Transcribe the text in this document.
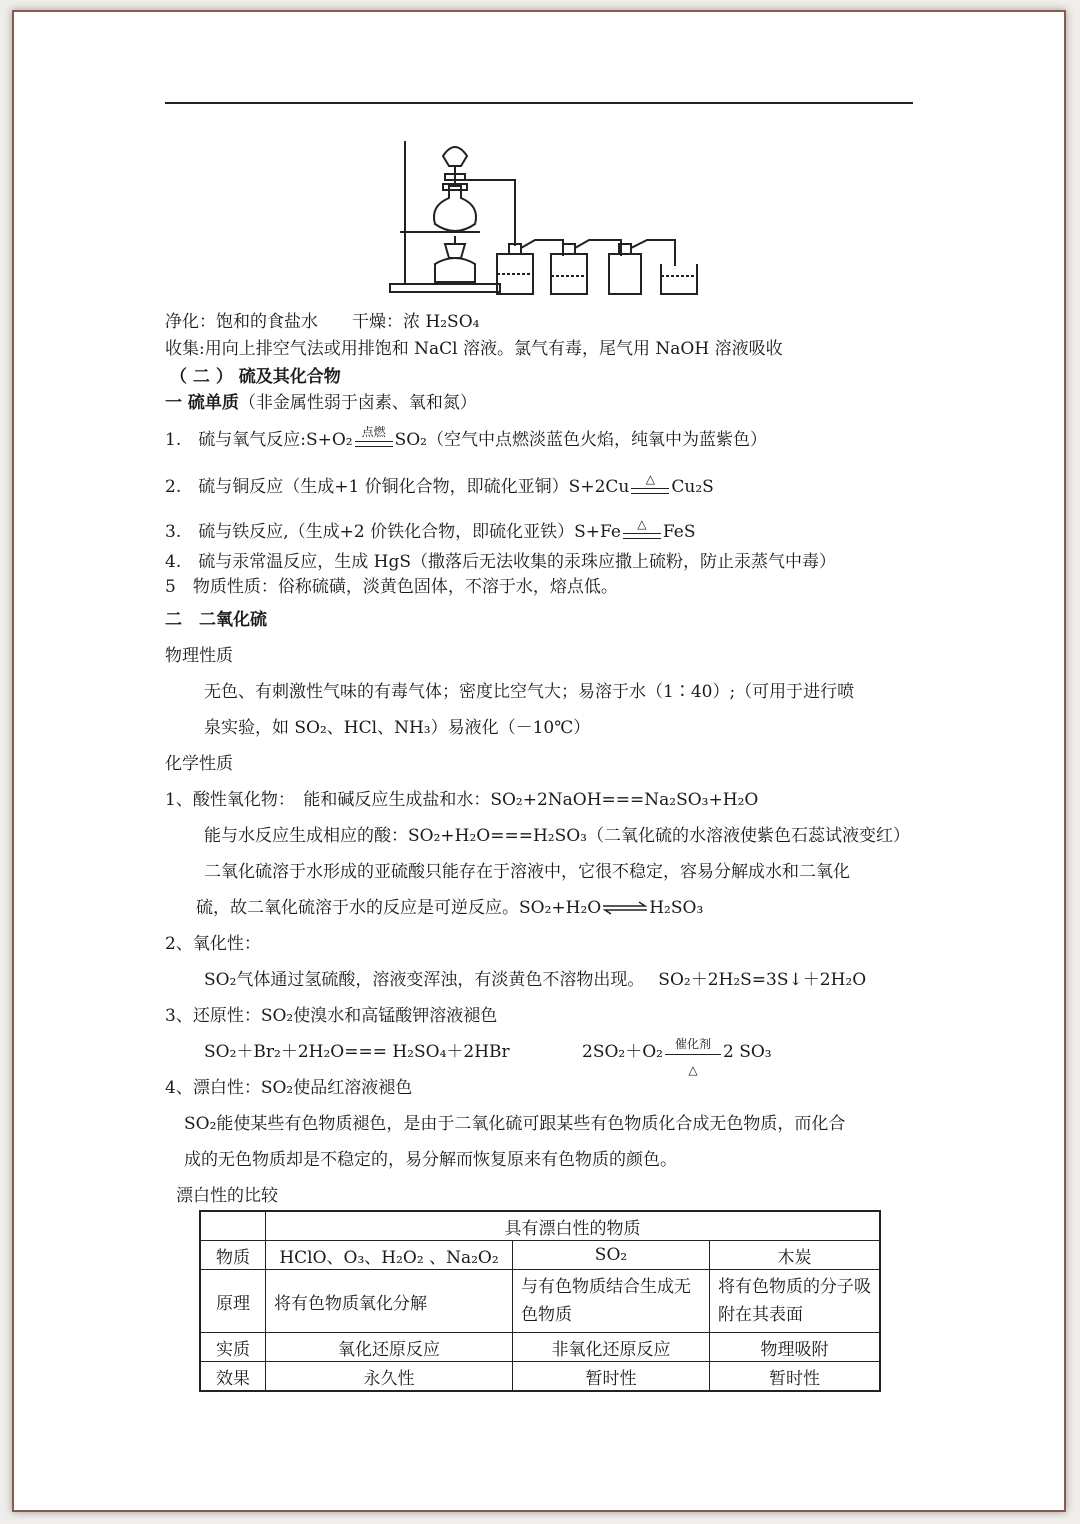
净化：饱和的食盐水　　干燥：浓 H₂SO₄
收集:用向上排空气法或用排饱和 NaCl 溶液。氯气有毒，尾气用 NaOH 溶液吸收
（ 二 ） 硫及其化合物
一 硫单质（非金属性弱于卤素、氧和氮）
1.　硫与氧气反应:S+O₂ 点燃 SO₂（空气中点燃淡蓝色火焰，纯氧中为蓝紫色）
2.　硫与铜反应（生成+1 价铜化合物，即硫化亚铜）S+2Cu	△ Cu₂S
3.　硫与铁反应,（生成+2 价铁化合物，即硫化亚铁）S+Fe	△ FeS
4.　硫与汞常温反应，生成 HgS（撒落后无法收集的汞珠应撒上硫粉，防止汞蒸气中毒）
5　物质性质：俗称硫磺，淡黄色固体，不溶于水，熔点低。
二　二氧化硫
物理性质
无色、有刺激性气味的有毒气体；密度比空气大；易溶于水（1∶40）;（可用于进行喷
泉实验，如 SO₂、HCl、NH₃）易液化（－10℃）
化学性质
1、酸性氧化物：　能和碱反应生成盐和水：SO₂+2NaOH===Na₂SO₃+H₂O
能与水反应生成相应的酸：SO₂+H₂O===H₂SO₃（二氧化硫的水溶液使紫色石蕊试液变红）
二氧化硫溶于水形成的亚硫酸只能存在于溶液中，它很不稳定，容易分解成水和二氧化
硫，故二氧化硫溶于水的反应是可逆反应。SO₂+H₂O⇌H₂SO₃
2、氧化性：
SO₂气体通过氢硫酸，溶液变浑浊，有淡黄色不溶物出现。　 SO₂＋2H₂S=3S↓＋2H₂O
3、还原性：SO₂使溴水和高锰酸钾溶液褪色
SO₂＋Br₂＋2H₂O=== H₂SO₄＋2HBr	2SO₂＋O₂ 催化剂
△
2 SO₃
4、漂白性：SO₂使品红溶液褪色
SO₂能使某些有色物质褪色，是由于二氧化硫可跟某些有色物质化合成无色物质，而化合
成的无色物质却是不稳定的，易分解而恢复原来有色物质的颜色。
漂白性的比较
	具有漂白性的物质		
物质	HClO、O₃、H₂O₂ 、Na₂O₂	SO₂	木炭
原理	将有色物质氧化分解	与有色物质结合生成无色物质	将有色物质的分子吸附在其表面
实质	氧化还原反应	非氧化还原反应	物理吸附
效果	永久性	暂时性	暂时性
